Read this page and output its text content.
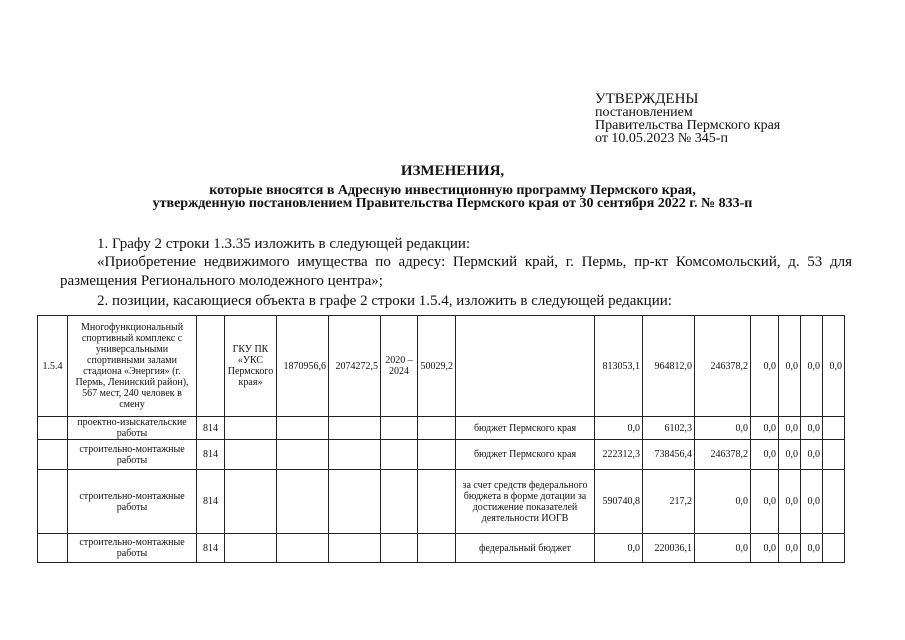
УТВЕРЖДЕНЫ
постановлением
Правительства Пермского края
от 10.05.2023 № 345-п
ИЗМЕНЕНИЯ,
которые вносятся в Адресную инвестиционную программу Пермского края,
утвержденную постановлением Правительства Пермского края от 30 сентября 2022 г. № 833-п
1. Графу 2 строки 1.3.35 изложить в следующей редакции:
«Приобретение недвижимого имущества по адресу: Пермский край, г. Пермь, пр-кт Комсомольский, д. 53 для размещения Регионального молодежного центра»;
2. позиции, касающиеся объекта в графе 2 строки 1.5.4, изложить в следующей редакции:
1.5.4	Многофункциональный спортивный комплекс с универсальными спортивными залами стадиона «Энергия» (г. Пермь, Ленинский район), 567 мест, 240 человек в смену		ГКУ ПК «УКС Пермского края»	1870956,6	2074272,5	2020 – 2024	50029,2		813053,1	964812,0	246378,2	0,0	0,0	0,0	0,0
	проектно-изыскательские работы	814						бюджет Пермского края	0,0	6102,3	0,0	0,0	0,0	0,0	
	строительно-монтажные работы	814						бюджет Пермского края	222312,3	738456,4	246378,2	0,0	0,0	0,0	
	строительно-монтажные работы	814						за счет средств федерального бюджета в форме дотации за достижение показателей деятельности ИОГВ	590740,8	217,2	0,0	0,0	0,0	0,0	
	строительно-монтажные работы	814						федеральный бюджет	0,0	220036,1	0,0	0,0	0,0	0,0	
